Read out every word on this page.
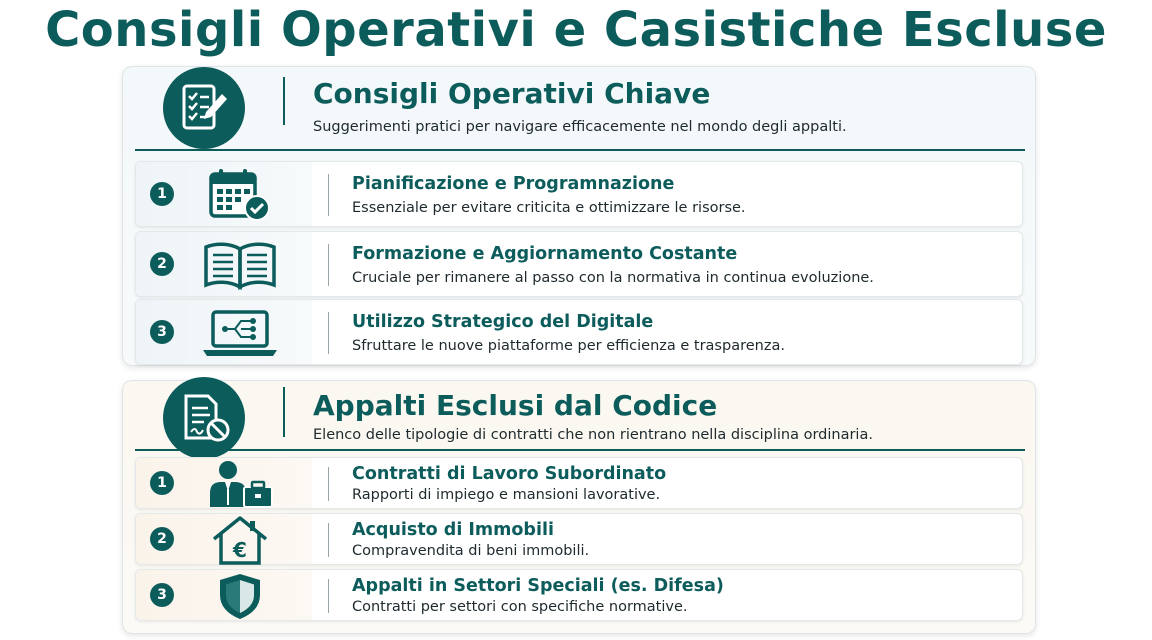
Consigli Operativi e Casistiche Escluse
Consigli Operativi Chiave

Suggerimenti pratici per navigare efficacemente nel mondo degli appalti.

1	Pianificazione e Programnazione
Essenziale per evitare criticita e ottimizzare le risorse.
2	Formazione e Aggiornamento Costante
Cruciale per rimanere al passo con la normativa in continua evoluzione.
3	Utilizzo Strategico del Digitale
Sfruttare le nuove piattaforme per efficienza e trasparenza.
Appalti Esclusi dal Codice

Elenco delle tipologie di contratti che non rientrano nella disciplina ordinaria.

1	Contratti di Lavoro Subordinato
Rapporti di impiego e mansioni lavorative.
2	€
Acquisto di Immobili
Compravendita di beni immobili.
3	Appalti in Settori Speciali (es. Difesa)
Contratti per settori con specifiche normative.
